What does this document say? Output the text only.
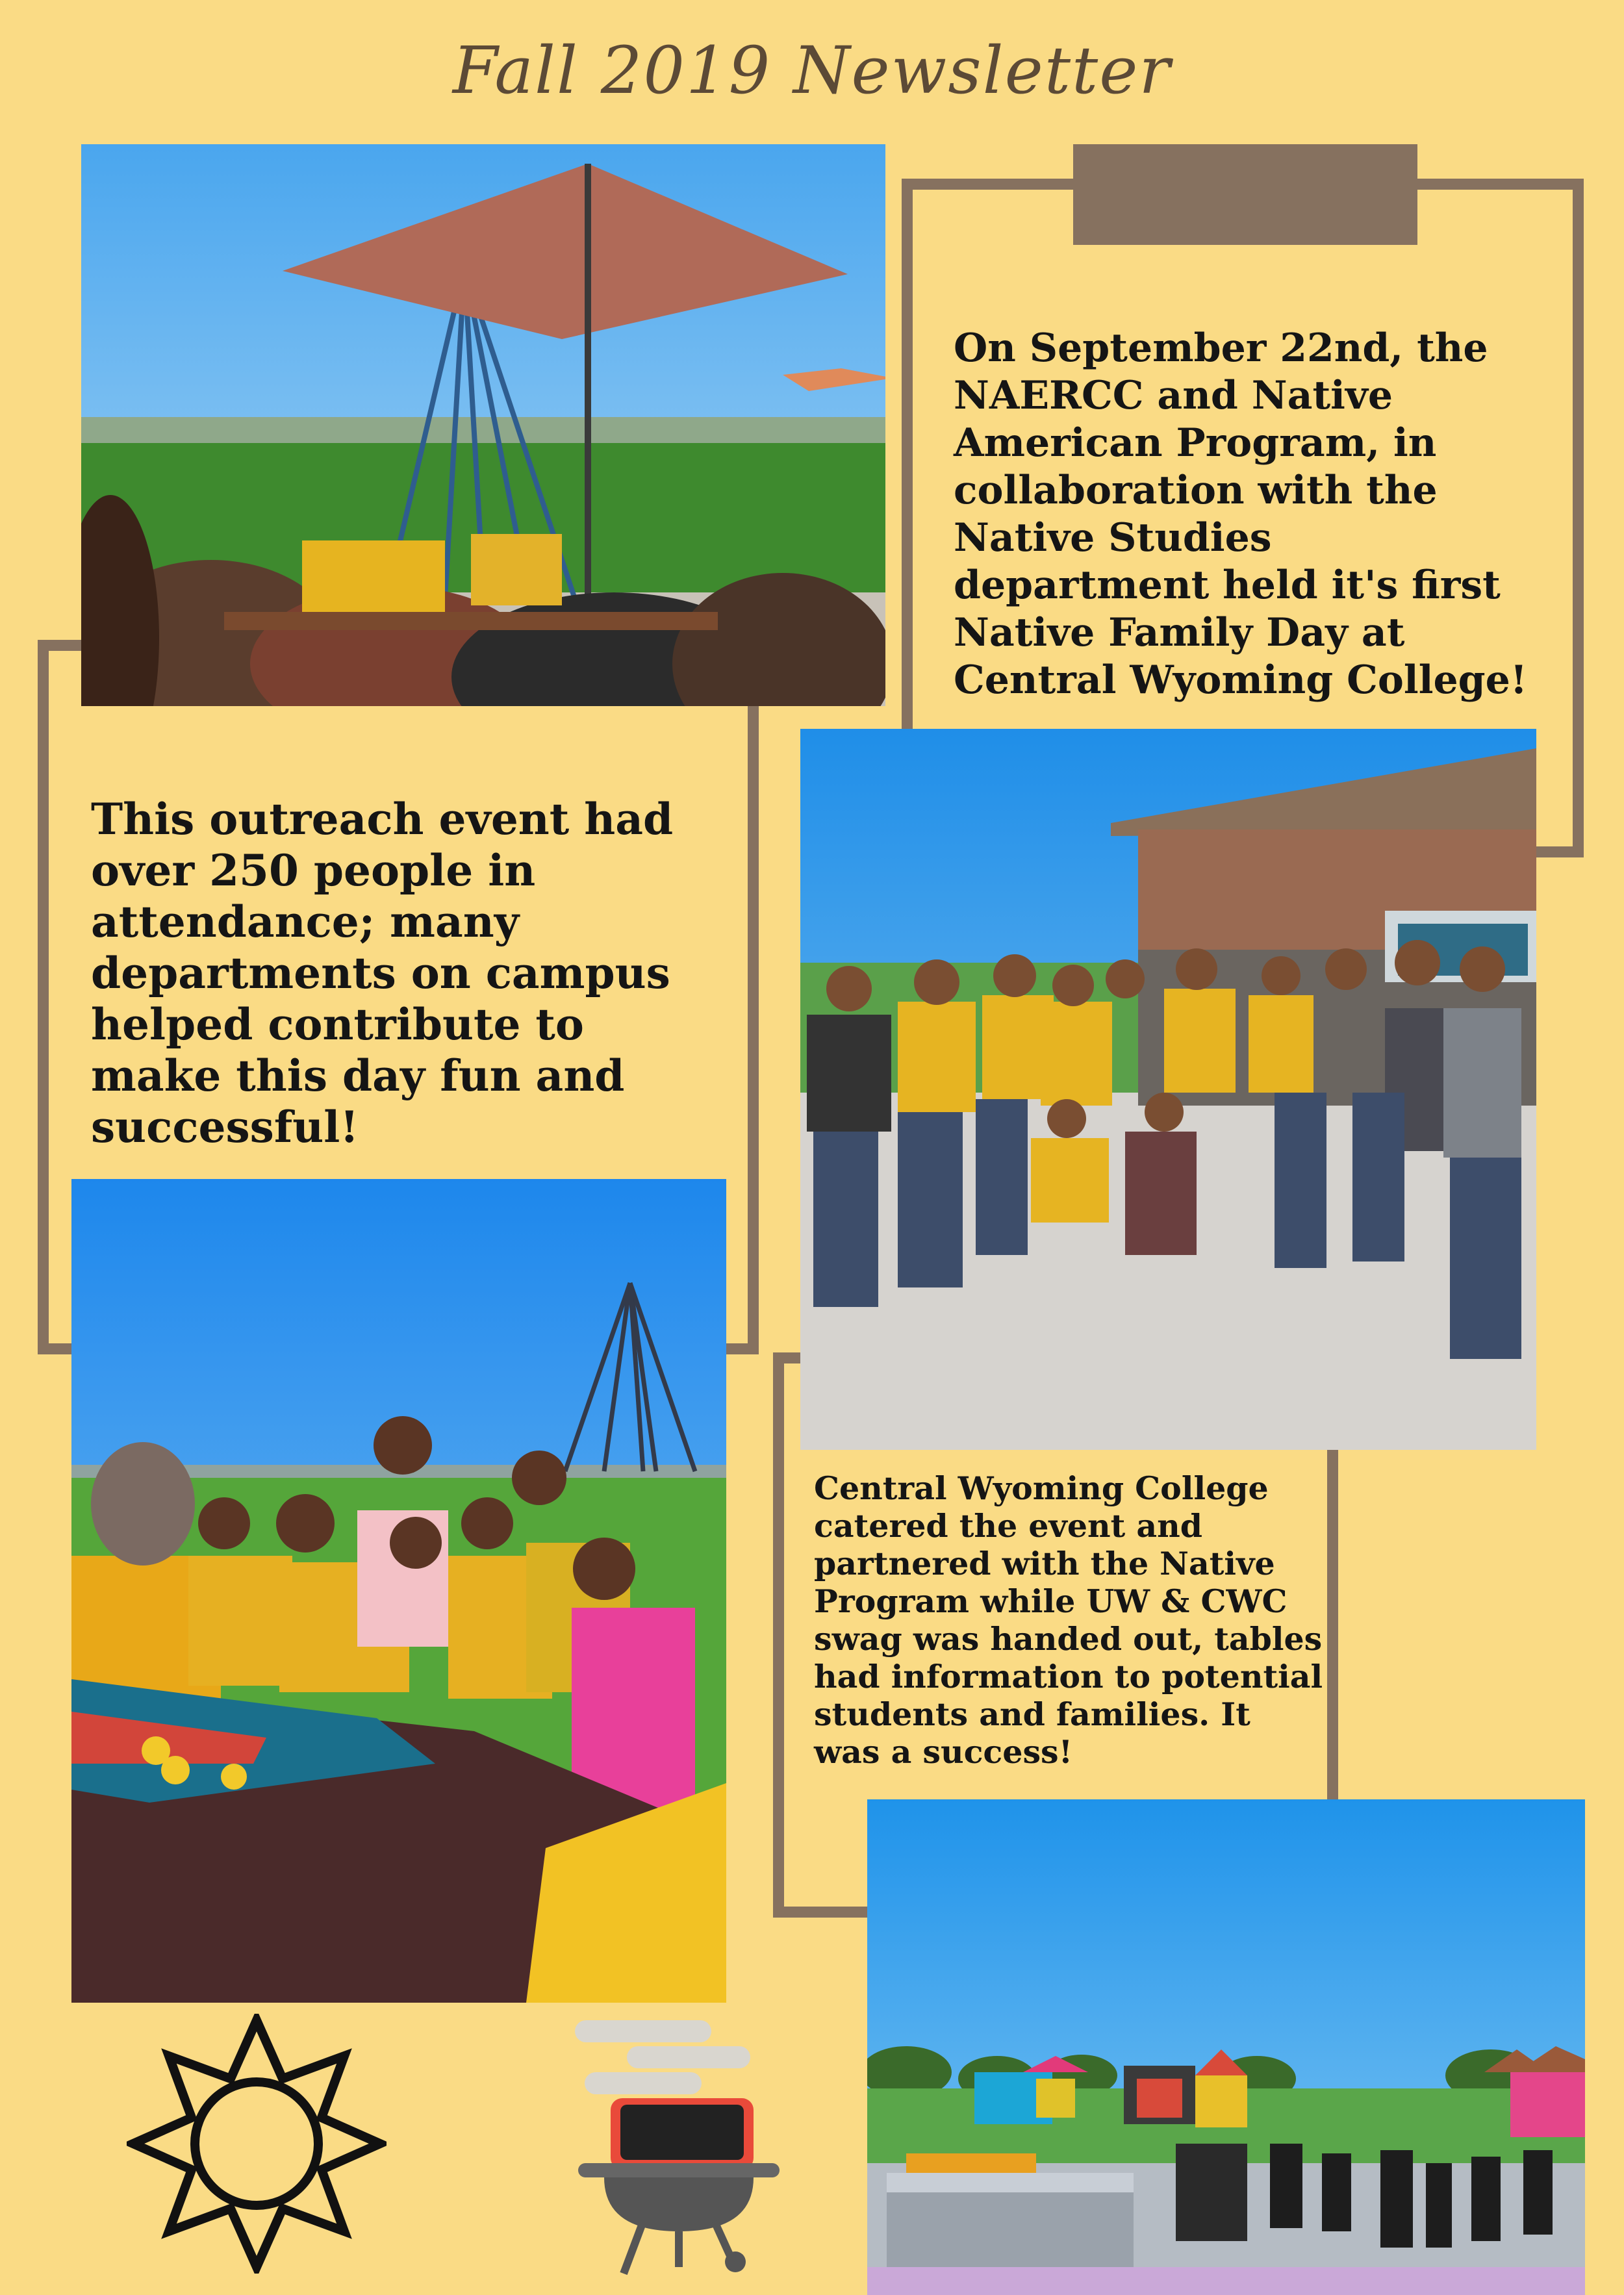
Fall 2019 Newsletter
On September 22nd, the NAERCC and Native American Program, in collaboration with the Native Studies department held it's first Native Family Day at Central Wyoming College!
This outreach event had over 250 people in attendance; many departments on campus helped contribute to make this day fun and successful!
Central Wyoming College catered the event and partnered with the Native Program while UW & CWC swag was handed out, tables had information to potential students and families. It was a success!
